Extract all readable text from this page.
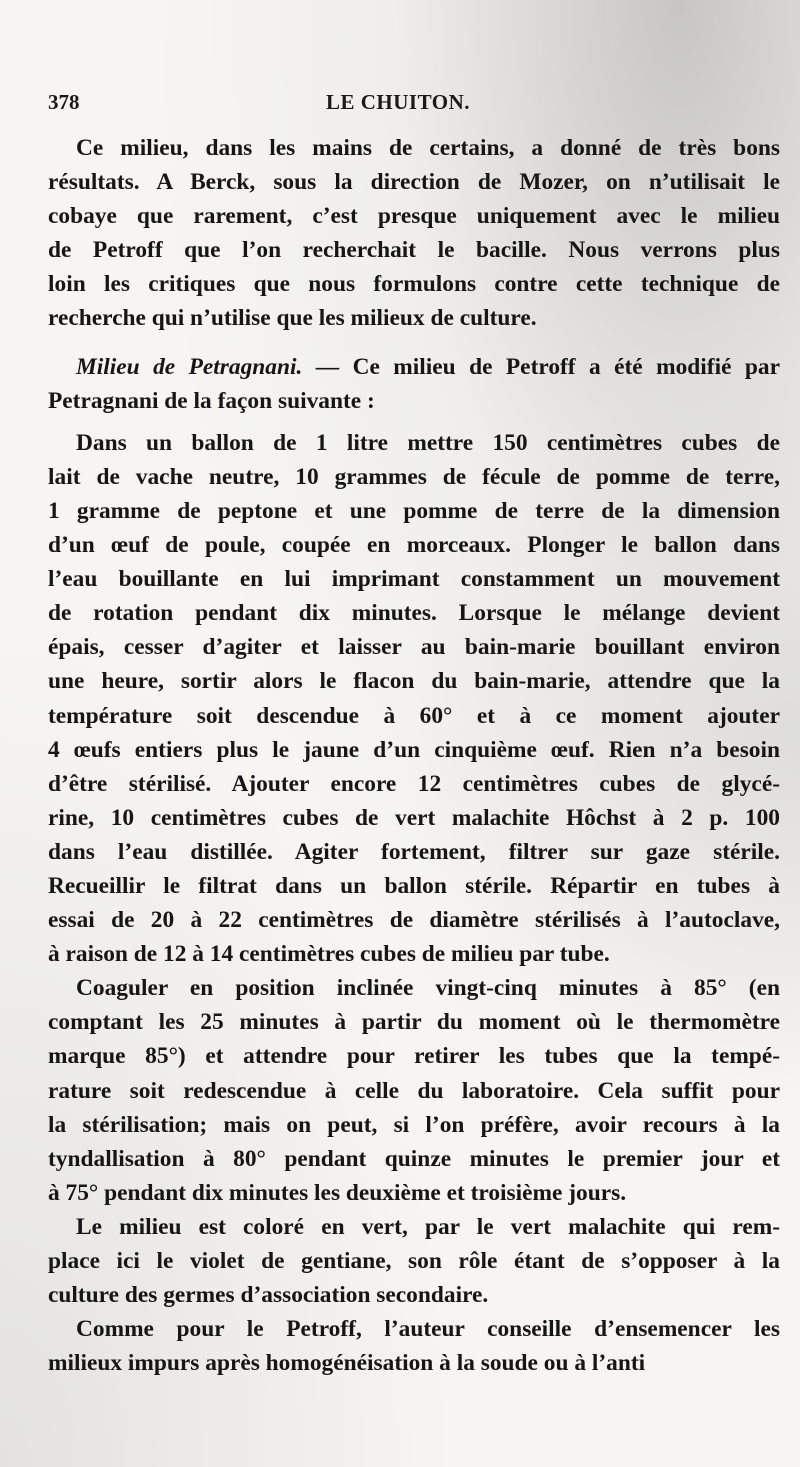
378	LE CHUITON.
Ce milieu, dans les mains de certains, a donné de très bons
résultats. A Berck, sous la direction de Mozer, on n’utilisait le
cobaye que rarement, c’est presque uniquement avec le milieu
de Petroff que l’on recherchait le bacille. Nous verrons plus
loin les critiques que nous formulons contre cette technique de
recherche qui n’utilise que les milieux de culture.
Milieu de Petragnani. — Ce milieu de Petroff a été modifié par
Petragnani de la façon suivante :
Dans un ballon de 1 litre mettre 150 centimètres cubes de
lait de vache neutre, 10 grammes de fécule de pomme de terre,
1 gramme de peptone et une pomme de terre de la dimension
d’un œuf de poule, coupée en morceaux. Plonger le ballon dans
l’eau bouillante en lui imprimant constamment un mouvement
de rotation pendant dix minutes. Lorsque le mélange devient
épais, cesser d’agiter et laisser au bain-marie bouillant environ
une heure, sortir alors le flacon du bain-marie, attendre que la
température soit descendue à 60° et à ce moment ajouter
4 œufs entiers plus le jaune d’un cinquième œuf. Rien n’a besoin
d’être stérilisé. Ajouter encore 12 centimètres cubes de glycé-
rine, 10 centimètres cubes de vert malachite Hôchst à 2 p. 100
dans l’eau distillée. Agiter fortement, filtrer sur gaze stérile.
Recueillir le filtrat dans un ballon stérile. Répartir en tubes à
essai de 20 à 22 centimètres de diamètre stérilisés à l’autoclave,
à raison de 12 à 14 centimètres cubes de milieu par tube.
Coaguler en position inclinée vingt-cinq minutes à 85° (en
comptant les 25 minutes à partir du moment où le thermomètre
marque 85°) et attendre pour retirer les tubes que la tempé-
rature soit redescendue à celle du laboratoire. Cela suffit pour
la stérilisation; mais on peut, si l’on préfère, avoir recours à la
tyndallisation à 80° pendant quinze minutes le premier jour et
à 75° pendant dix minutes les deuxième et troisième jours.
Le milieu est coloré en vert, par le vert malachite qui rem-
place ici le violet de gentiane, son rôle étant de s’opposer à la
culture des germes d’association secondaire.
Comme pour le Petroff, l’auteur conseille d’ensemencer les
milieux impurs après homogénéisation à la soude ou à l’anti
